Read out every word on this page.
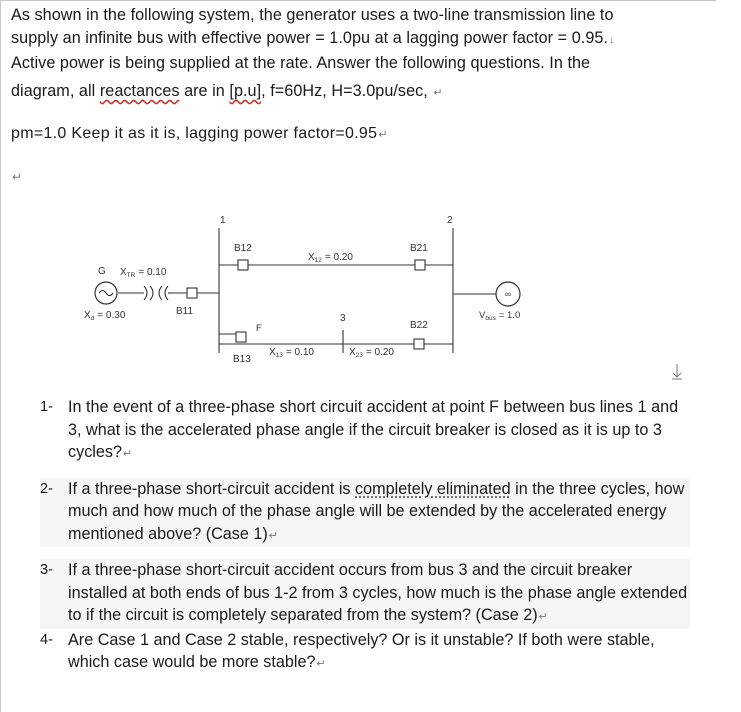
As shown in the following system, the generator uses a two-line transmission line to
supply an infinite bus with effective power = 1.0pu at a lagging power factor = 0.95.↓
Active power is being supplied at the rate. Answer the following questions. In the
diagram, all reactances are in [p.u], f=60Hz, H=3.0pu/sec, ↵
pm=1.0 Keep it as it is, lagging power factor=0.95↵
↵
∞
1	2
3
G $X_{TR} = 0.10$
$X_d = 0.30$	B11
B12	B21
B22
B13
F
$X_{12} = 0.20$
$X_{13} = 0.10$	$X_{23} = 0.20$
$V_{bus} = 1.0$
1- In the event of a three-phase short circuit accident at point F between bus lines 1 and 3, what is the accelerated phase angle if the circuit breaker is closed as it is up to 3 cycles?↵
2- If a three-phase short-circuit accident is completely eliminated in the three cycles, how much and how much of the phase angle will be extended by the accelerated energy mentioned above? (Case 1)↵
3- If a three-phase short-circuit accident occurs from bus 3 and the circuit breaker installed at both ends of bus 1-2 from 3 cycles, how much is the phase angle extended to if the circuit is completely separated from the system? (Case 2)↵
4- Are Case 1 and Case 2 stable, respectively? Or is it unstable? If both were stable, which case would be more stable?↵
